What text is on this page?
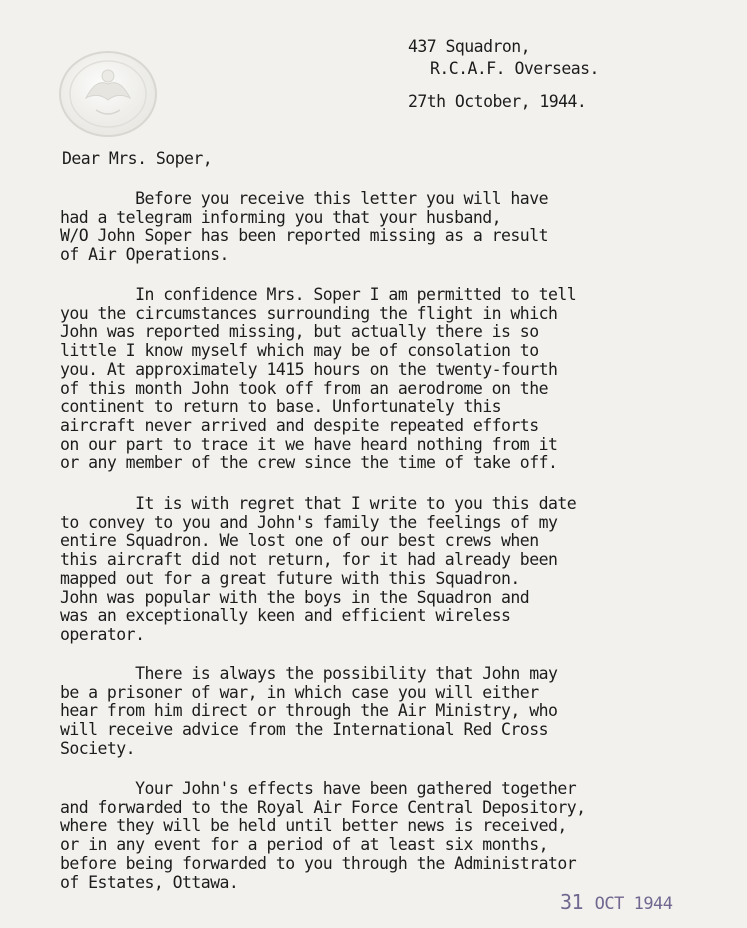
437 Squadron,
R.C.A.F. Overseas.
27th October, 1944.
Dear Mrs. Soper,
Before you receive this letter you will have
had a telegram informing you that your husband,
W/O John Soper has been reported missing as a result
of Air Operations.
In confidence Mrs. Soper I am permitted to tell
you the circumstances surrounding the flight in which
John was reported missing, but actually there is so
little I know myself which may be of consolation to
you. At approximately 1415 hours on the twenty-fourth
of this month John took off from an aerodrome on the
continent to return to base. Unfortunately this
aircraft never arrived and despite repeated efforts
on our part to trace it we have heard nothing from it
or any member of the crew since the time of take off.
It is with regret that I write to you this date
to convey to you and John's family the feelings of my
entire Squadron. We lost one of our best crews when
this aircraft did not return, for it had already been
mapped out for a great future with this Squadron.
John was popular with the boys in the Squadron and
was an exceptionally keen and efficient wireless
operator.
There is always the possibility that John may
be a prisoner of war, in which case you will either
hear from him direct or through the Air Ministry, who
will receive advice from the International Red Cross
Society.
Your John's effects have been gathered together
and forwarded to the Royal Air Force Central Depository,
where they will be held until better news is received,
or in any event for a period of at least six months,
before being forwarded to you through the Administrator
of Estates, Ottawa.
31 OCT 1944
